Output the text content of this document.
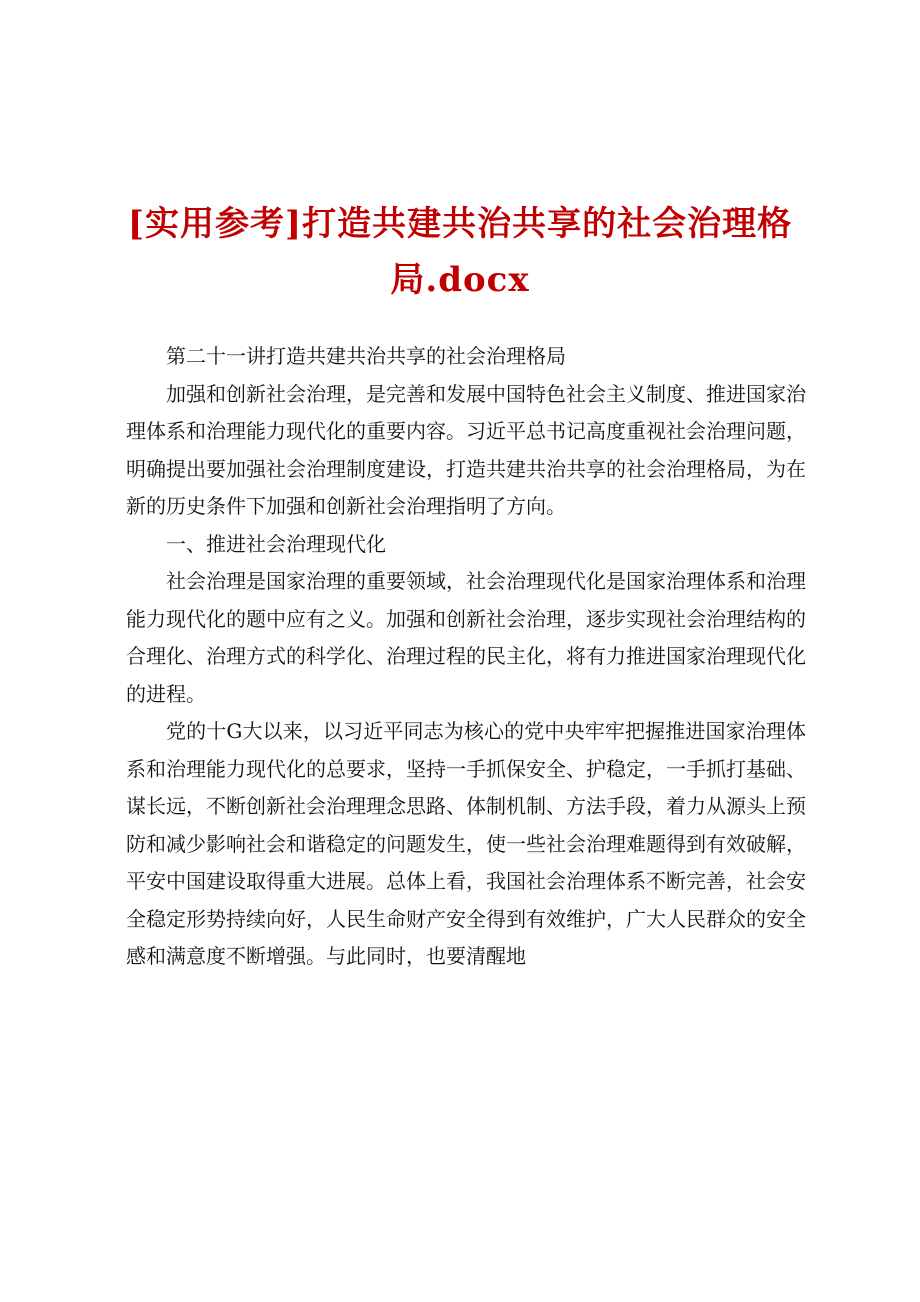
[实用参考]打造共建共治共享的社会治理格局.docx

第二十一讲打造共建共治共享的社会治理格局

加强和创新社会治理，是完善和发展中国特色社会主义制度、推进国家治理体系和治理能力现代化的重要内容。习近平总书记高度重视社会治理问题，明确提出要加强社会治理制度建设，打造共建共治共享的社会治理格局，为在新的历史条件下加强和创新社会治理指明了方向。

一、推进社会治理现代化

社会治理是国家治理的重要领域，社会治理现代化是国家治理体系和治理能力现代化的题中应有之义。加强和创新社会治理，逐步实现社会治理结构的合理化、治理方式的科学化、治理过程的民主化，将有力推进国家治理现代化的进程。

党的十G大以来，以习近平同志为核心的党中央牢牢把握推进国家治理体系和治理能力现代化的总要求，坚持一手抓保安全、护稳定，一手抓打基础、谋长远，不断创新社会治理理念思路、体制机制、方法手段，着力从源头上预防和减少影响社会和谐稳定的问题发生，使一些社会治理难题得到有效破解，平安中国建设取得重大进展。总体上看，我国社会治理体系不断完善，社会安全稳定形势持续向好，人民生命财产安全得到有效维护，广大人民群众的安全感和满意度不断增强。与此同时，也要清醒地
